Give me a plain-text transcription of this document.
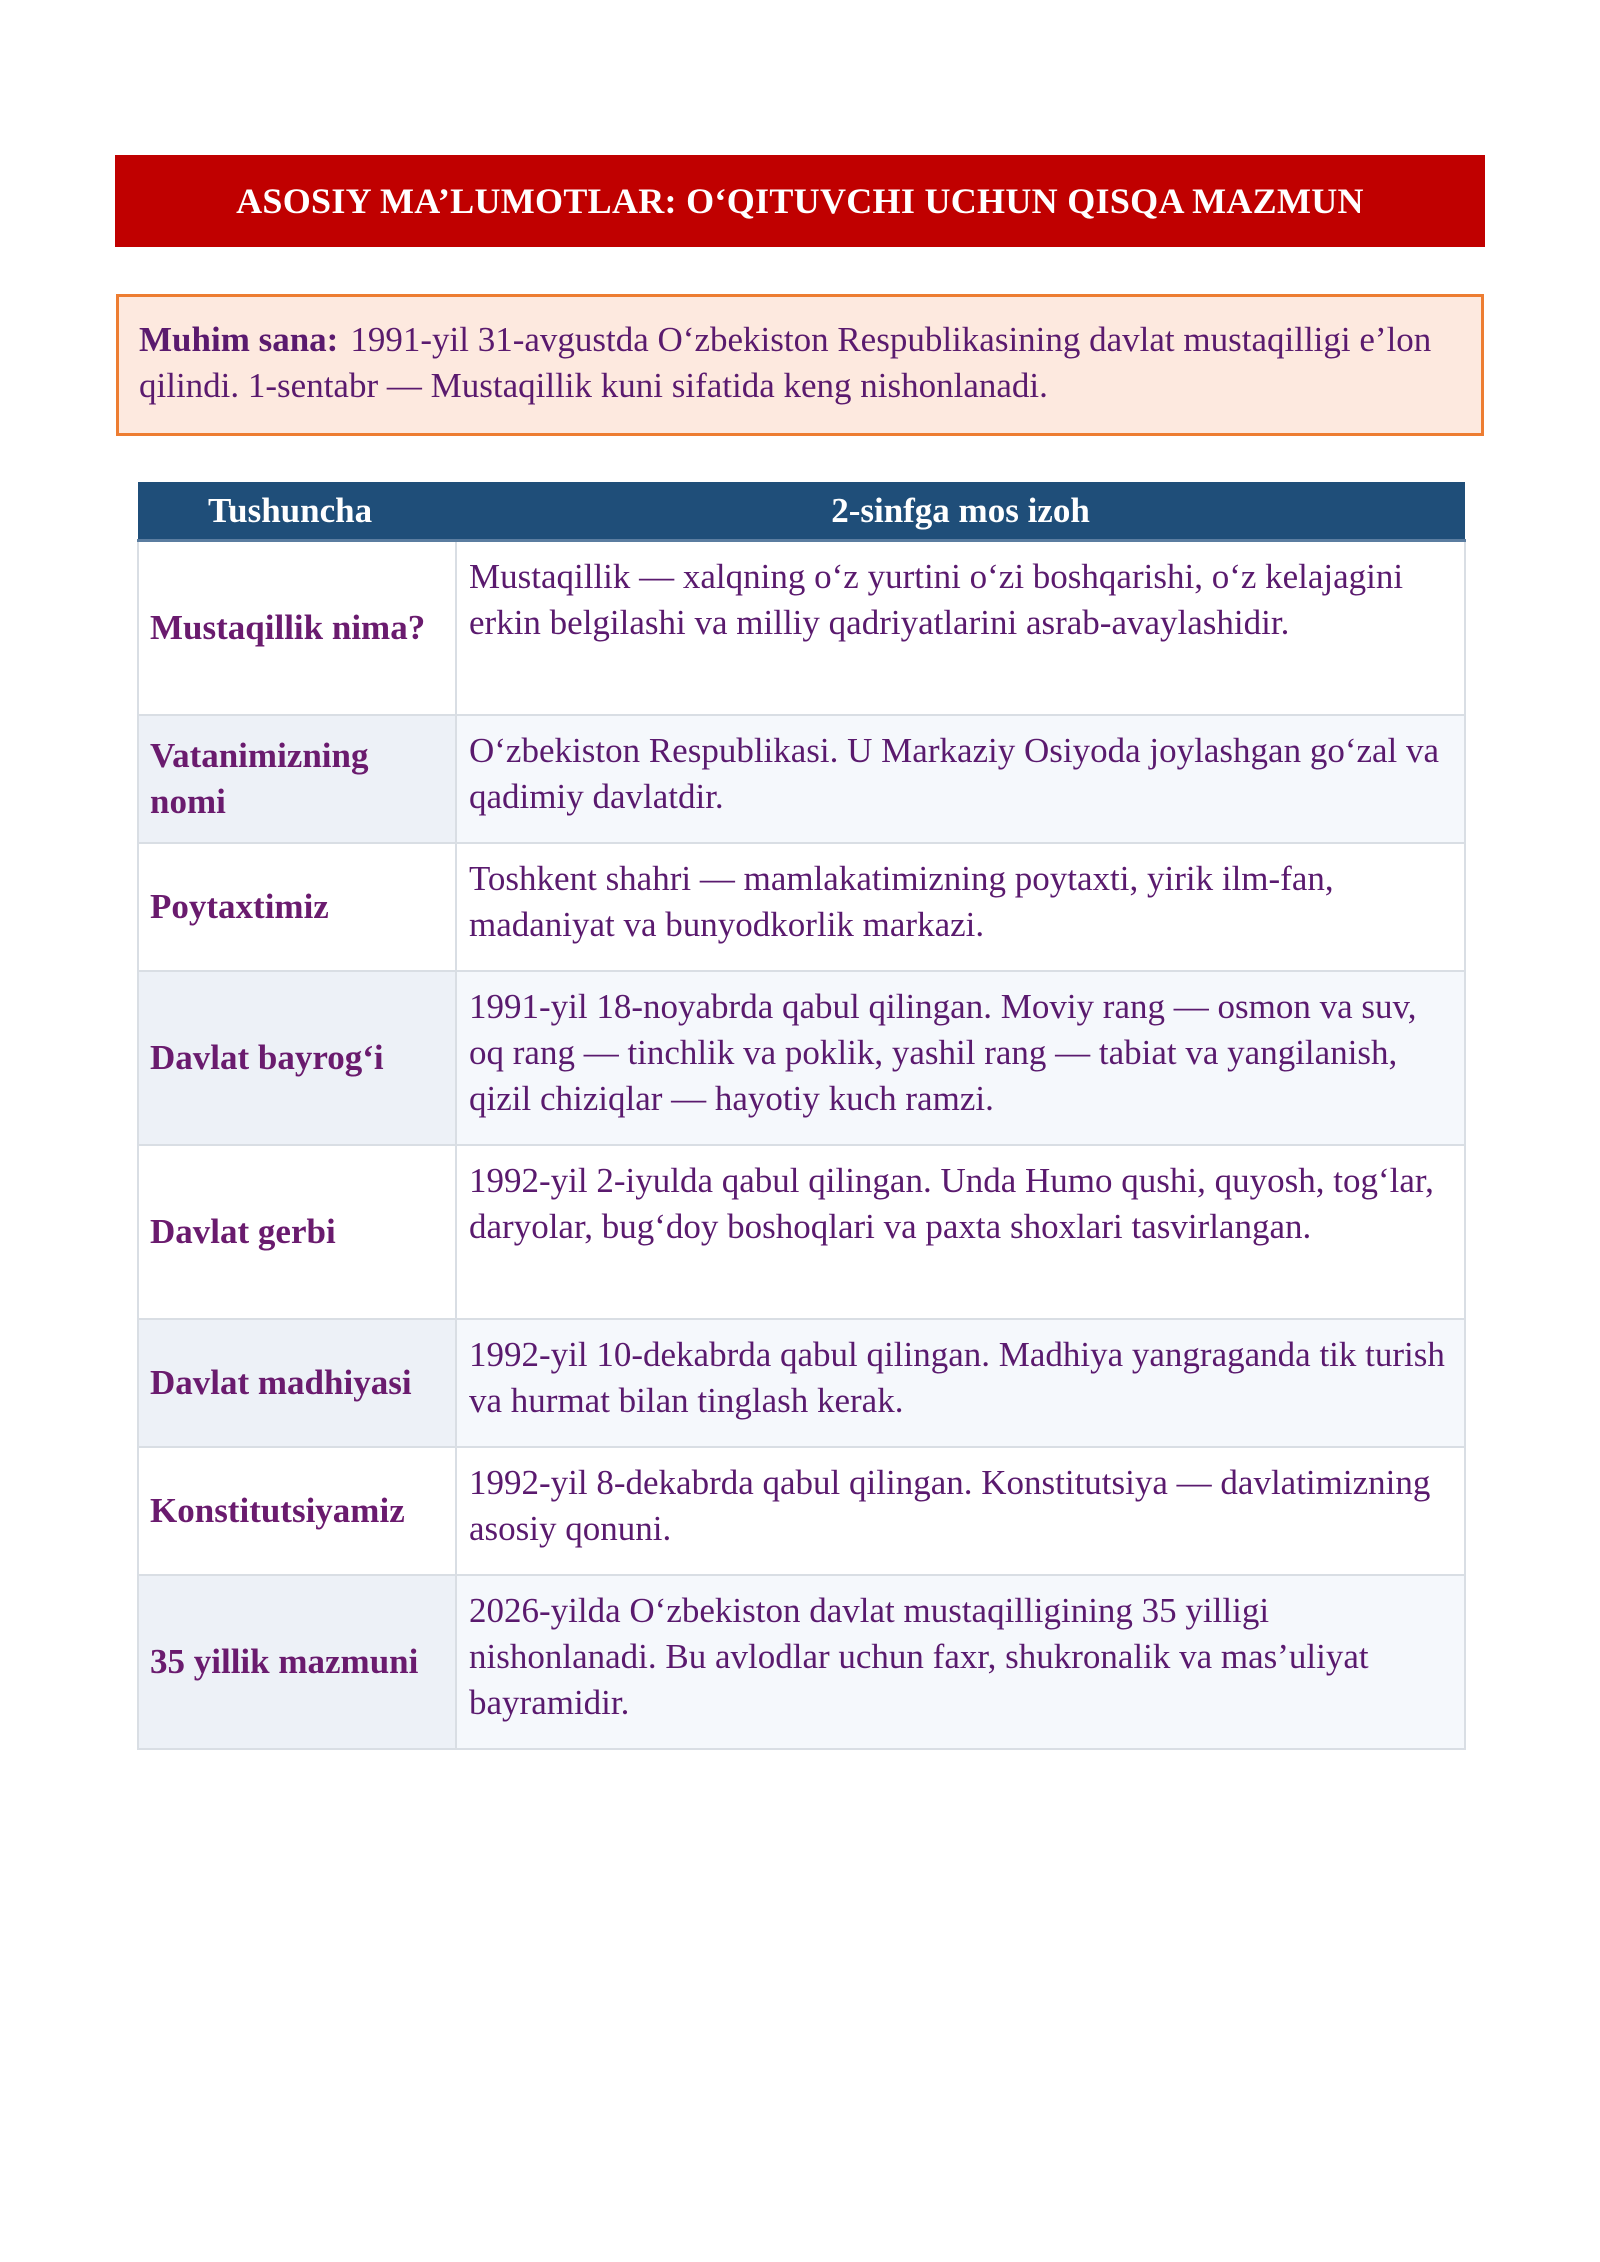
ASOSIY MA’LUMOTLAR: O‘QITUVCHI UCHUN QISQA MAZMUN
Muhim sana: 1991-yil 31-avgustda O‘zbekiston Respublikasining davlat mustaqilligi e’lon qilindi. 1-sentabr — Mustaqillik kuni sifatida keng nishonlanadi.
Tushuncha	2-sinfga mos izoh
Mustaqillik nima?	Mustaqillik — xalqning o‘z yurtini o‘zi boshqarishi, o‘z kelajagini erkin belgilashi va milliy qadriyatlarini asrab-avaylashidir.

Vatanimizning nomi	O‘zbekiston Respublikasi. U Markaziy Osiyoda joylashgan go‘zal va qadimiy davlatdir.

Poytaxtimiz	Toshkent shahri — mamlakatimizning poytaxti, yirik ilm-fan, madaniyat va bunyodkorlik markazi.

Davlat bayrog‘i	1991-yil 18-noyabrda qabul qilingan. Moviy rang — osmon va suv, oq rang — tinchlik va poklik, yashil rang — tabiat va yangilanish, qizil chiziqlar — hayotiy kuch ramzi.

Davlat gerbi	1992-yil 2-iyulda qabul qilingan. Unda Humo qushi, quyosh, tog‘lar, daryolar, bug‘doy boshoqlari va paxta shoxlari tasvirlangan.

Davlat madhiyasi	1992-yil 10-dekabrda qabul qilingan. Madhiya yangraganda tik turish va hurmat bilan tinglash kerak.

Konstitutsiyamiz	1992-yil 8-dekabrda qabul qilingan. Konstitutsiya — davlatimizning asosiy qonuni.

35 yillik mazmuni	2026-yilda O‘zbekiston davlat mustaqilligining 35 yilligi nishonlanadi. Bu avlodlar uchun faxr, shukronalik va mas’uliyat bayramidir.
